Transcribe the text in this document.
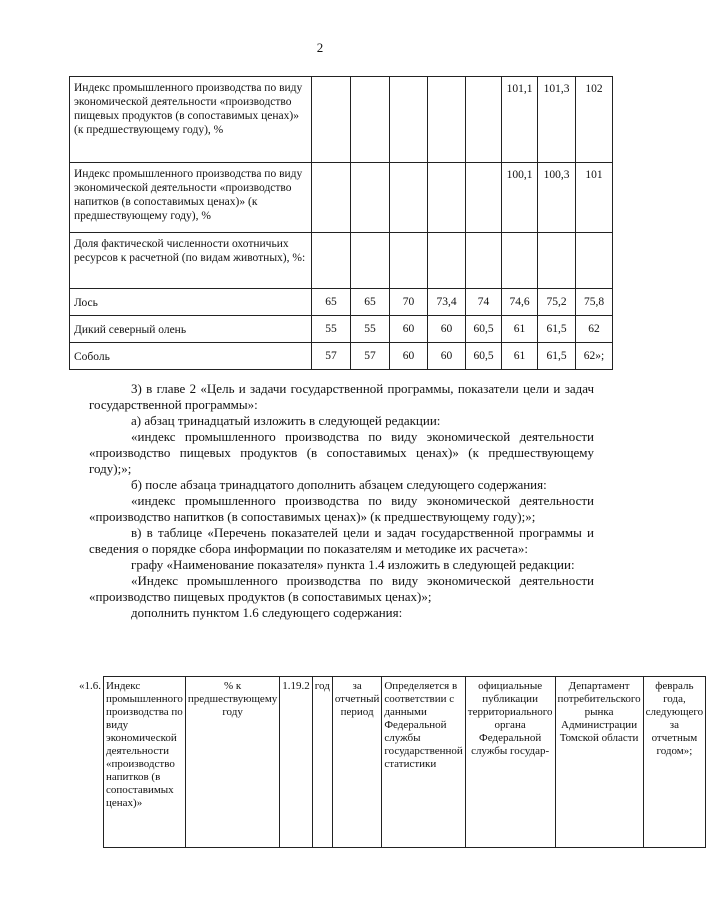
2
Индекс промышленного производства по виду экономической деятельности «производство пищевых продуктов (в сопоставимых ценах)» (к предшествующему году), %						101,1	101,3	102
Индекс промышленного производства по виду экономической деятельности «производство напитков (в сопоставимых ценах)» (к предшествующему году), %						100,1	100,3	101
Доля фактической численности охотничьих ресурсов к расчетной (по видам животных), %:								
Лось	65	65	70	73,4	74	74,6	75,2	75,8
Дикий северный олень	55	55	60	60	60,5	61	61,5	62
Соболь	57	57	60	60	60,5	61	61,5	62»;

3) в главе 2 «Цель и задачи государственной программы, показатели цели и задач государственной программы»:

а) абзац тринадцатый изложить в следующей редакции:

«индекс промышленного производства по виду экономической деятельности «производство пищевых продуктов (в сопоставимых ценах)» (к предшествующему году);»;

б) после абзаца тринадцатого дополнить абзацем следующего содержания:

«индекс промышленного производства по виду экономической деятельности «производство напитков (в сопоставимых ценах)» (к предшествующему году);»;

в) в таблице «Перечень показателей цели и задач государственной программы и сведения о порядке сбора информации по показателям и методике их расчета»:

графу «Наименование показателя» пункта 1.4 изложить в следующей редакции:

«Индекс промышленного производства по виду экономической деятельности «производство пищевых продуктов (в сопоставимых ценах)»;

дополнить пунктом 1.6 следующего содержания:

«1.6.	Индекс промышленного производства по виду экономической деятельности «производство напитков (в сопоставимых ценах)»	% к предшествующему году	1.19.2	год	за отчетный период	Определяется в соответствии с данными Федеральной службы государственной статистики	официальные публикации территориального органа Федеральной службы государ-	Департамент потребительского рынка Администрации Томской области	февраль года, следующего за отчетным годом»;
